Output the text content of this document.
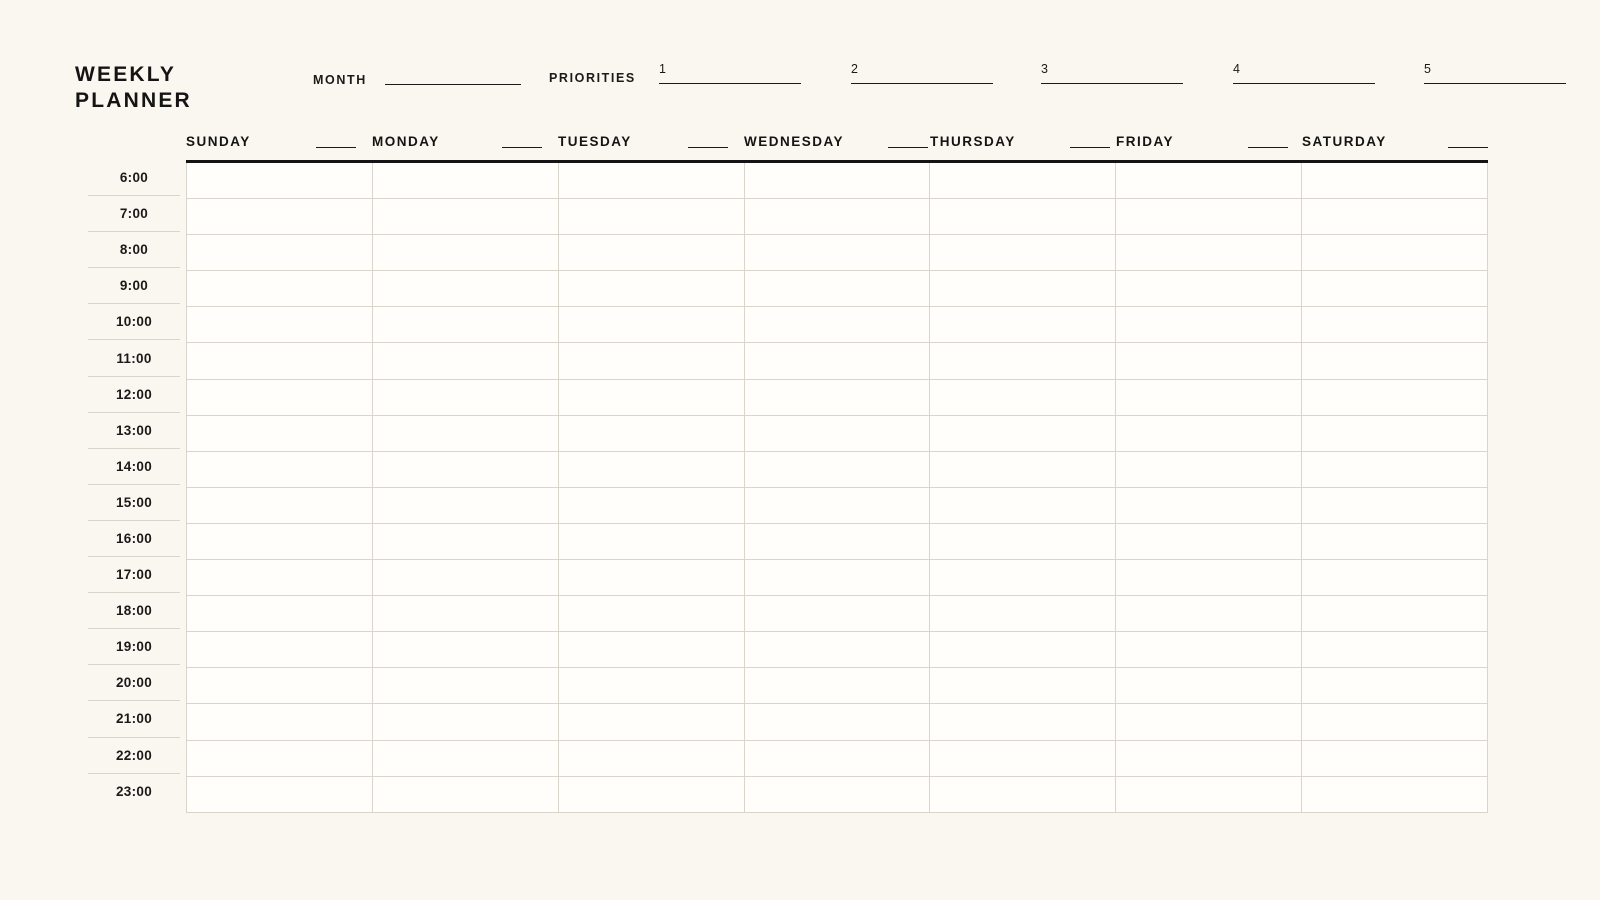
WEEKLY
PLANNER
MONTH	PRIORITIES
1	2	3	4	5
SUNDAY	MONDAY	TUESDAY	WEDNESDAY	THURSDAY	FRIDAY	SATURDAY
6:00
7:00
8:00
9:00
10:00
11:00
12:00
13:00
14:00
15:00
16:00
17:00
18:00
19:00
20:00
21:00
22:00
23:00
